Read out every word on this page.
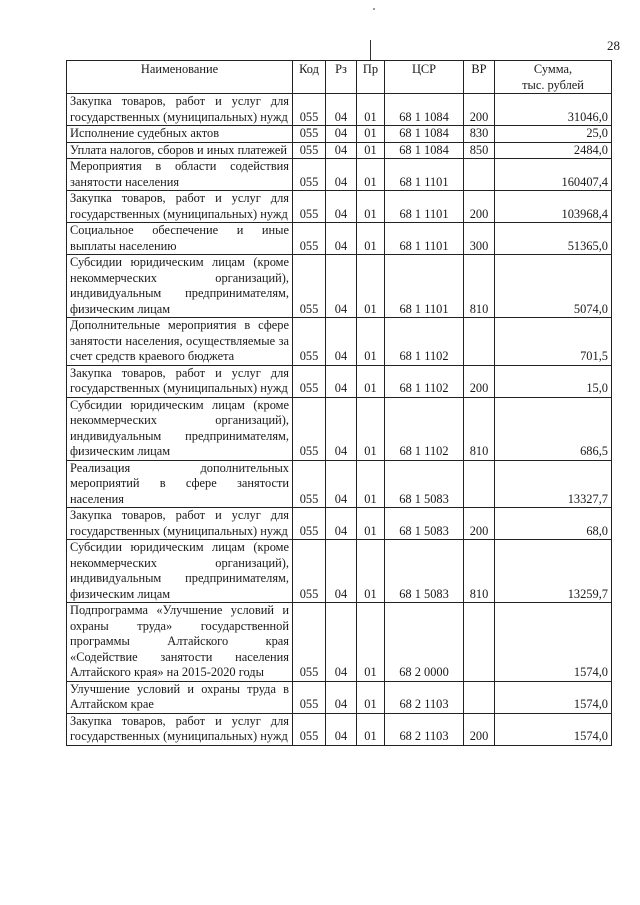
28
Наименование	Код	Рз	Пр	ЦСР	ВР	Сумма,
тыс. рублей

Закупка товаров, работ и услуг для государственных (муниципальных) нужд	055	04	01	68 1 1084	200	31046,0
Исполнение судебных актов	055	04	01	68 1 1084	830	25,0
Уплата налогов, сборов и иных платежей	055	04	01	68 1 1084	850	2484,0
Мероприятия в области содействия занятости населения	055	04	01	68 1 1101		160407,4
Закупка товаров, работ и услуг для государственных (муниципальных) нужд	055	04	01	68 1 1101	200	103968,4
Социальное обеспечение и иные выплаты населению	055	04	01	68 1 1101	300	51365,0
Субсидии юридическим лицам (кроме некоммерческих организаций), индивидуальным предпринимателям, физическим лицам	055	04	01	68 1 1101	810	5074,0
Дополнительные мероприятия в сфере занятости населения, осуществляемые за счет средств краевого бюджета	055	04	01	68 1 1102		701,5
Закупка товаров, работ и услуг для государственных (муниципальных) нужд	055	04	01	68 1 1102	200	15,0
Субсидии юридическим лицам (кроме некоммерческих организаций), индивидуальным предпринимателям, физическим лицам	055	04	01	68 1 1102	810	686,5
Реализация дополнительных мероприятий в сфере занятости населения	055	04	01	68 1 5083		13327,7
Закупка товаров, работ и услуг для государственных (муниципальных) нужд	055	04	01	68 1 5083	200	68,0
Субсидии юридическим лицам (кроме некоммерческих организаций), индивидуальным предпринимателям, физическим лицам	055	04	01	68 1 5083	810	13259,7
Подпрограмма «Улучшение условий и охраны труда» государственной программы Алтайского края «Содействие занятости населения Алтайского края» на 2015-2020 годы	055	04	01	68 2 0000		1574,0
Улучшение условий и охраны труда в Алтайском крае	055	04	01	68 2 1103		1574,0
Закупка товаров, работ и услуг для государственных (муниципальных) нужд	055	04	01	68 2 1103	200	1574,0
